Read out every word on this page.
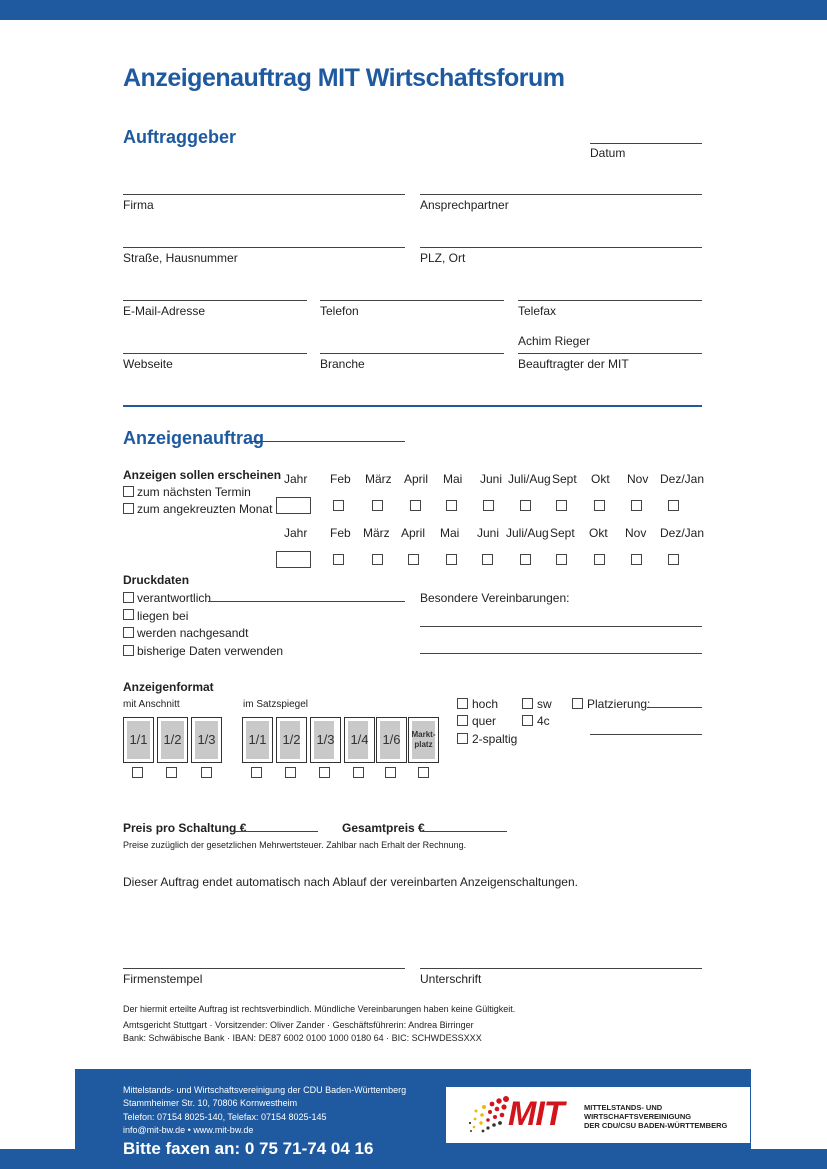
Anzeigenauftrag MIT Wirtschaftsforum
Auftraggeber
Datum
Firma	Ansprechpartner
Straße, Hausnummer	PLZ, Ort
E-Mail-Adresse	Telefon	Telefax
Achim Rieger
Webseite	Branche	Beauftragter der MIT
Anzeigenauftrag
Anzeigen sollen erscheinen
zum nächsten Termin
zum angekreuzten Monat
Jahr Feb März April Mai Juni Juli/Aug Sept Okt Nov Dez/Jan
Jahr Feb März April Mai Juni Juli/Aug Sept Okt Nov Dez/Jan
Druckdaten
verantwortlich
liegen bei
werden nachgesandt
bisherige Daten verwenden
Besondere Vereinbarungen:
Anzeigenformat
mit Anschnitt	im Satzspiegel
1/1	1/2	1/3	1/1	1/2	1/3	1/4	1/6	Markt-
platz
hoch
quer
2-spaltig
sw
4c
Platzierung:
Preis pro Schaltung €	Gesamtpreis €
Preise zuzüglich der gesetzlichen Mehrwertsteuer. Zahlbar nach Erhalt der Rechnung.
Dieser Auftrag endet automatisch nach Ablauf der vereinbarten Anzeigenschaltungen.
Firmenstempel	Unterschrift
Der hiermit erteilte Auftrag ist rechtsverbindlich. Mündliche Vereinbarungen haben keine Gültigkeit.
Amtsgericht Stuttgart · Vorsitzender: Oliver Zander · Geschäftsführerin: Andrea Birringer
Bank: Schwäbische Bank · IBAN: DE87 6002 0100 1000 0180 64 · BIC: SCHWDESSXXX
Mittelstands- und Wirtschaftsvereinigung der CDU Baden-Württemberg
Stammheimer Str. 10, 70806 Kornwestheim
Telefon: 07154 8025-140, Telefax: 07154 8025-145
info@mit-bw.de • www.mit-bw.de
Bitte faxen an: 0 75 71-74 04 16
MIT	MITTELSTANDS- UND
WIRTSCHAFTSVEREINIGUNG
DER CDU/CSU BADEN-WÜRTTEMBERG
